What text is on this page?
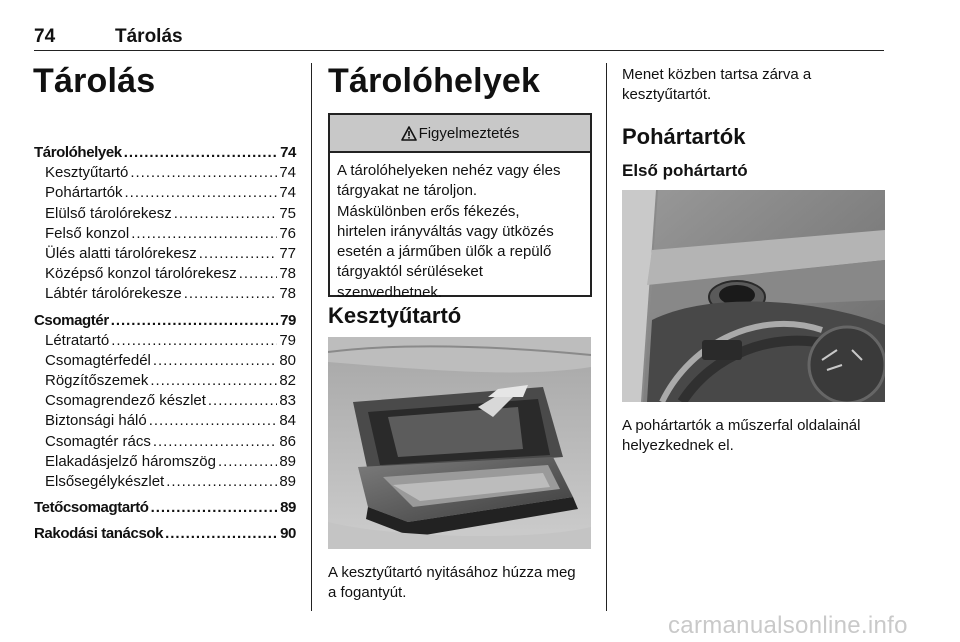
74	Tárolás
Tárolás
Tárolóhelyek . . .	74
Kesztyűtartó . . .	74
Pohártartók . . .	74
Elülső tárolórekesz . . .	75
Felső konzol . . .	76
Ülés alatti tárolórekesz . . .	77
Középső konzol tárolórekesz . . .	78
Lábtér tárolórekesze . . .	78
Csomagtér . . .	79
Létratartó . . .	79
Csomagtérfedél . . .	80
Rögzítőszemek . . .	82
Csomagrendező készlet . . .	83
Biztonsági háló . . .	84
Csomagtér rács . . .	86
Elakadásjelző háromszög . . .	89
Elsősegélykészlet . . .	89
Tetőcsomagtartó . . .	89
Rakodási tanácsok . . .	90
Tárolóhelyek
Figyelmeztetés
A tárolóhelyeken nehéz vagy éles
tárgyakat ne tároljon.
Máskülönben erős fékezés,
hirtelen irányváltás vagy ütközés
esetén a járműben ülők a repülő
tárgyaktól sérüléseket
szenvedhetnek.
Kesztyűtartó
A kesztyűtartó nyitásához húzza meg
a fogantyút.
Menet közben tartsa zárva a
kesztyűtartót.
Pohártartók
Első pohártartó
A pohártartók a műszerfal oldalainál
helyezkednek el.
carmanualsonline.info
